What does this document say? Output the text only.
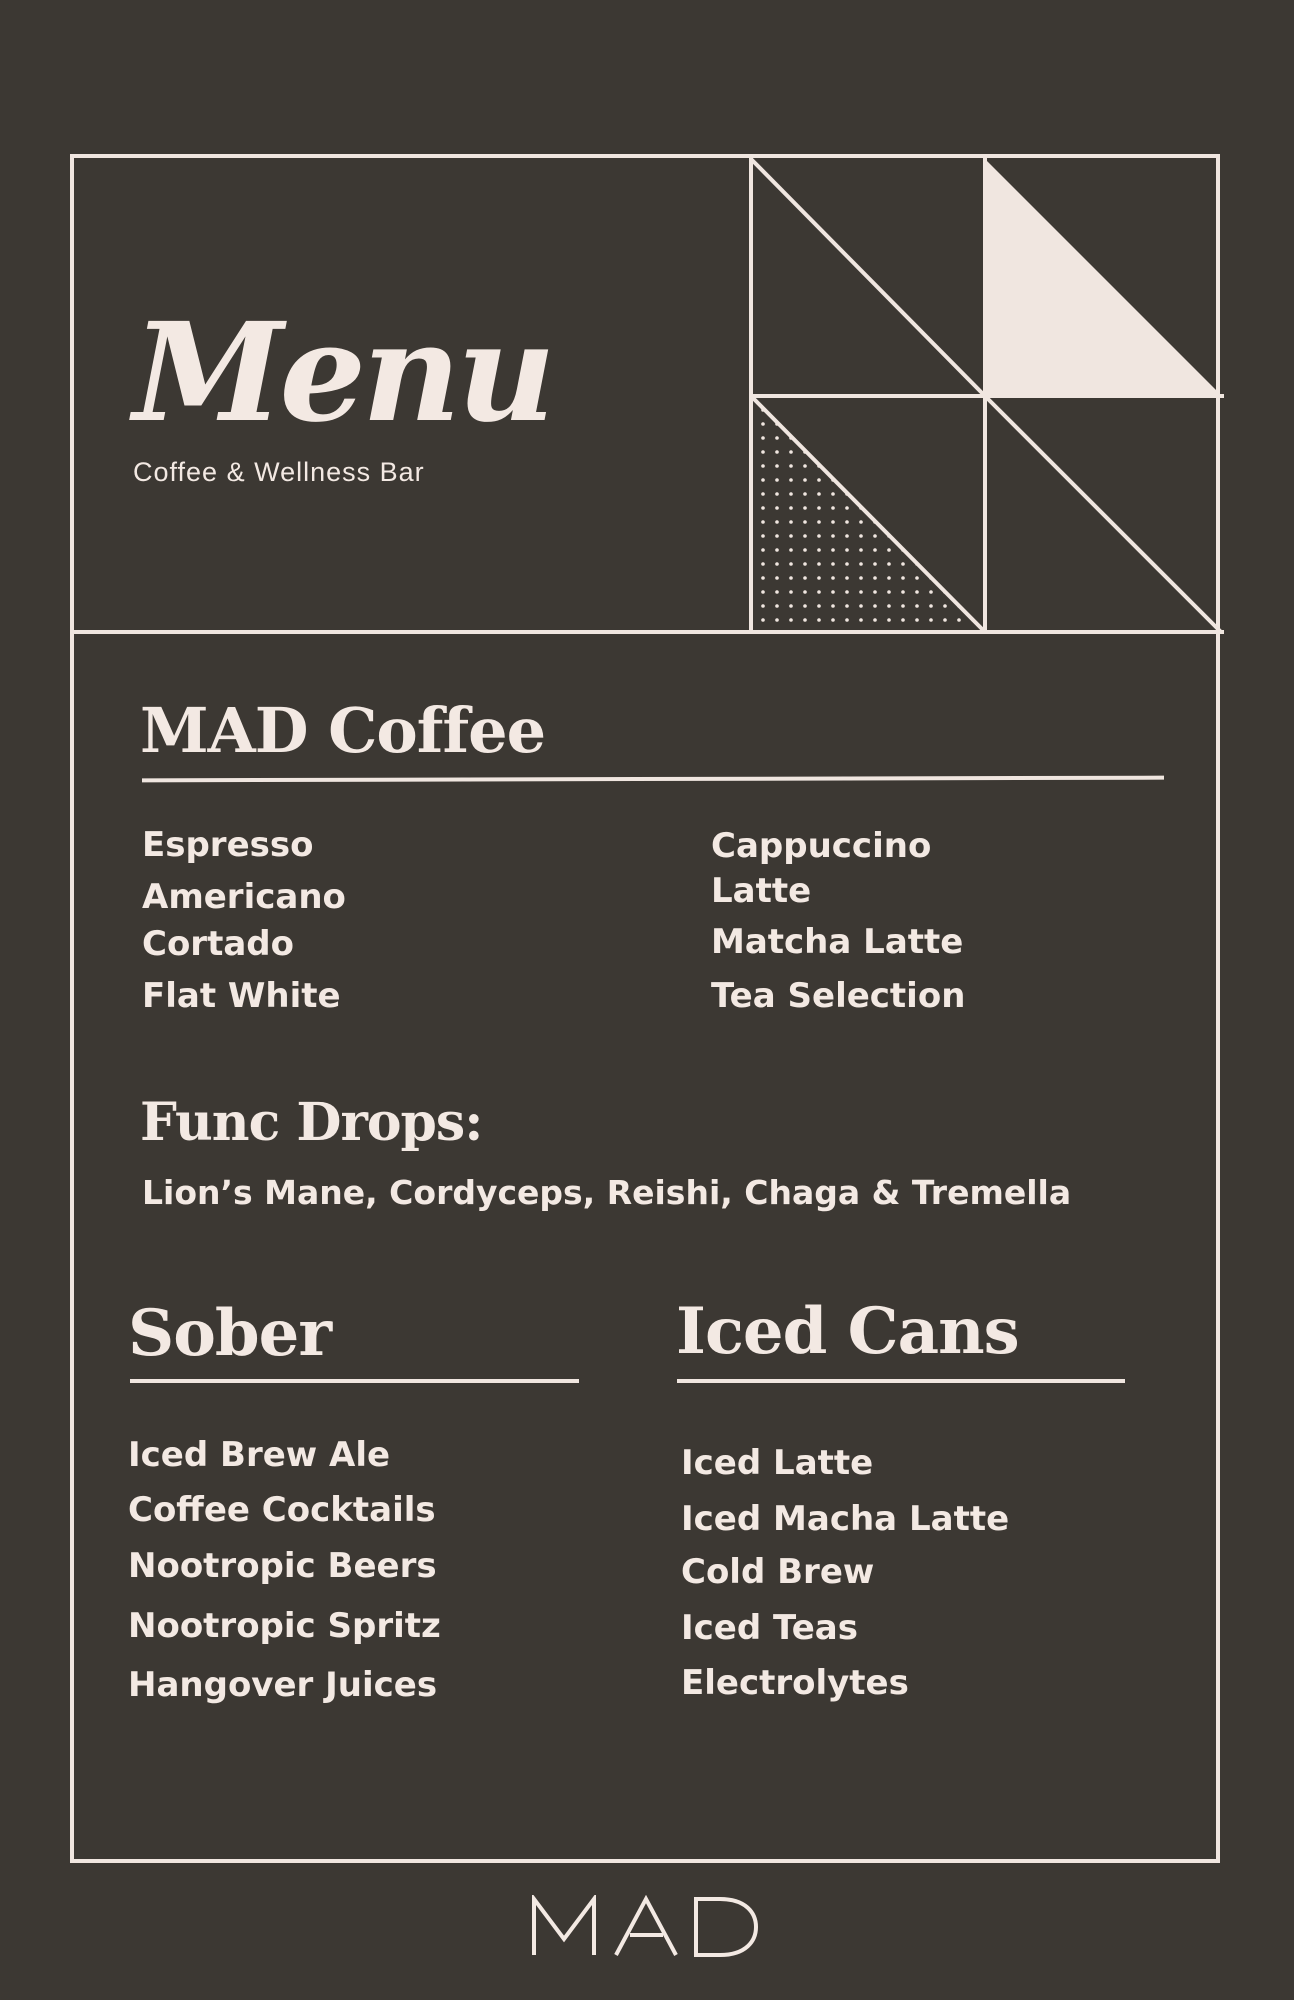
Menu
Coffee & Wellness Bar
MAD Coffee
Espresso
Americano
Cortado
Flat White
Cappuccino
Latte
Matcha Latte
Tea Selection
Func Drops:
Lion’s Mane, Cordyceps, Reishi, Chaga & Tremella
Sober
Iced Brew Ale
Coffee Cocktails
Nootropic Beers
Nootropic Spritz
Hangover Juices
Iced Cans
Iced Latte
Iced Macha Latte
Cold Brew
Iced Teas
Electrolytes
